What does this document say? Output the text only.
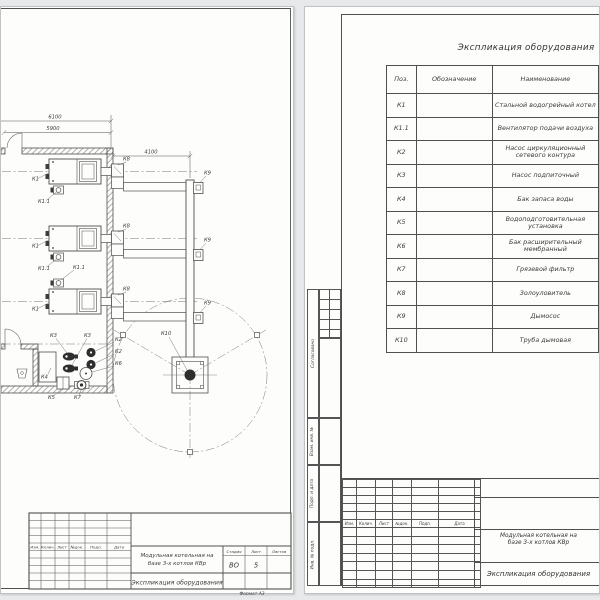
6100
5900
4100
К1
К1.1
К1
К1.1
К1
К1.1
К8
К8
К8
К9
К9
К9
К10
К3	К3
К2
К2
К6
К4
К5	К7
Изм. Колич. Лист №док. Подп.	Дата
Стадия Лист	Листов
ВО 5
Модульная котельная на
базе 3-х котлов КВр
Экспликация оборудования
Формат А3
Экспликация оборудования
Поз.	Обозначение	Наименование
К1		Стальной водогрейный котел
К1.1		Вентилятор подачи воздуха
К2		Насос циркуляционный сетевого контура
К3		Насос подпиточный
К4		Бак запаса воды
К5		Водоподготовительная установка
К6		Бак расширительный мембранный
К7		Грязевой фильтр
К8		Золоуловитель
К9		Дымосос
К10		Труба дымовая
Согласовано
Взам. инв. №
Подп. и дата
Инв. № подл.

Изм.	Колич.	Лист	№док.	Подп.	Дата

Модульная котельная на
базе 3-х котлов КВр
Экспликация оборудования
